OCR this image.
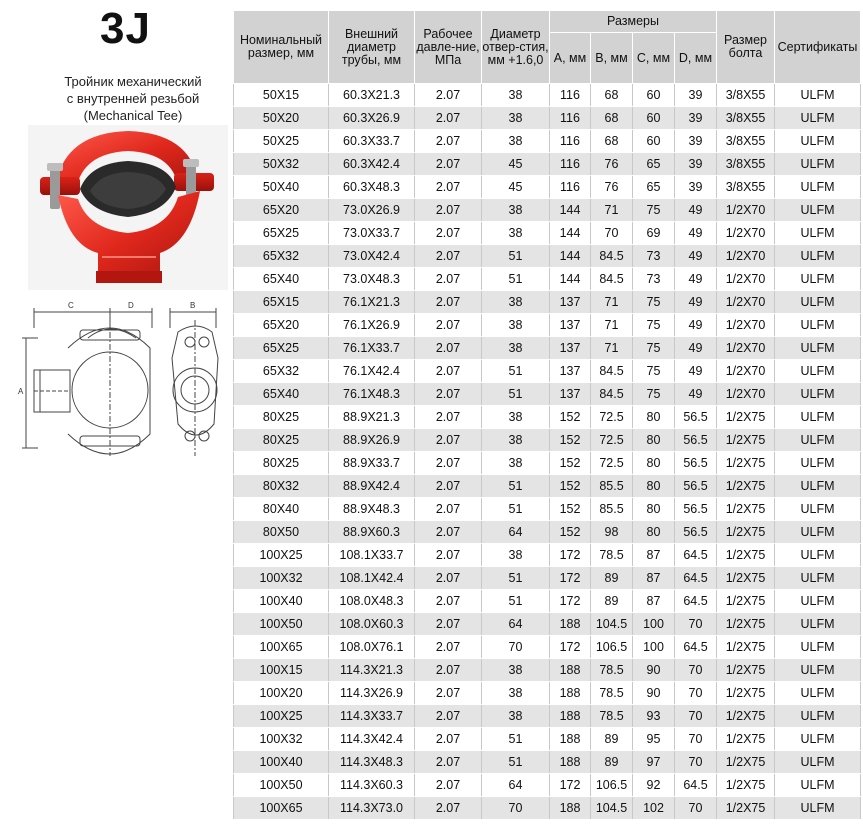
3J
Тройник механический
с внутренней резьбой
(Mechanical Tee)
C	D	B
A
Номинальный размер, мм	Внешний диаметр трубы, мм	Рабочее давле-ние, МПа	Диаметр отвер-стия, мм +1.6,0	Размеры				Размер болта	Сертификаты
				A, мм	B, мм	C, мм	D, мм		
50X15	60.3X21.3	2.07	38	116	68	60	39	3/8X55	ULFM
50X20	60.3X26.9	2.07	38	116	68	60	39	3/8X55	ULFM
50X25	60.3X33.7	2.07	38	116	68	60	39	3/8X55	ULFM
50X32	60.3X42.4	2.07	45	116	76	65	39	3/8X55	ULFM
50X40	60.3X48.3	2.07	45	116	76	65	39	3/8X55	ULFM
65X20	73.0X26.9	2.07	38	144	71	75	49	1/2X70	ULFM
65X25	73.0X33.7	2.07	38	144	70	69	49	1/2X70	ULFM
65X32	73.0X42.4	2.07	51	144	84.5	73	49	1/2X70	ULFM
65X40	73.0X48.3	2.07	51	144	84.5	73	49	1/2X70	ULFM
65X15	76.1X21.3	2.07	38	137	71	75	49	1/2X70	ULFM
65X20	76.1X26.9	2.07	38	137	71	75	49	1/2X70	ULFM
65X25	76.1X33.7	2.07	38	137	71	75	49	1/2X70	ULFM
65X32	76.1X42.4	2.07	51	137	84.5	75	49	1/2X70	ULFM
65X40	76.1X48.3	2.07	51	137	84.5	75	49	1/2X70	ULFM
80X25	88.9X21.3	2.07	38	152	72.5	80	56.5	1/2X75	ULFM
80X25	88.9X26.9	2.07	38	152	72.5	80	56.5	1/2X75	ULFM
80X25	88.9X33.7	2.07	38	152	72.5	80	56.5	1/2X75	ULFM
80X32	88.9X42.4	2.07	51	152	85.5	80	56.5	1/2X75	ULFM
80X40	88.9X48.3	2.07	51	152	85.5	80	56.5	1/2X75	ULFM
80X50	88.9X60.3	2.07	64	152	98	80	56.5	1/2X75	ULFM
100X25	108.1X33.7	2.07	38	172	78.5	87	64.5	1/2X75	ULFM
100X32	108.1X42.4	2.07	51	172	89	87	64.5	1/2X75	ULFM
100X40	108.0X48.3	2.07	51	172	89	87	64.5	1/2X75	ULFM
100X50	108.0X60.3	2.07	64	188	104.5	100	70	1/2X75	ULFM
100X65	108.0X76.1	2.07	70	172	106.5	100	64.5	1/2X75	ULFM
100X15	114.3X21.3	2.07	38	188	78.5	90	70	1/2X75	ULFM
100X20	114.3X26.9	2.07	38	188	78.5	90	70	1/2X75	ULFM
100X25	114.3X33.7	2.07	38	188	78.5	93	70	1/2X75	ULFM
100X32	114.3X42.4	2.07	51	188	89	95	70	1/2X75	ULFM
100X40	114.3X48.3	2.07	51	188	89	97	70	1/2X75	ULFM
100X50	114.3X60.3	2.07	64	172	106.5	92	64.5	1/2X75	ULFM
100X65	114.3X73.0	2.07	70	188	104.5	102	70	1/2X75	ULFM
